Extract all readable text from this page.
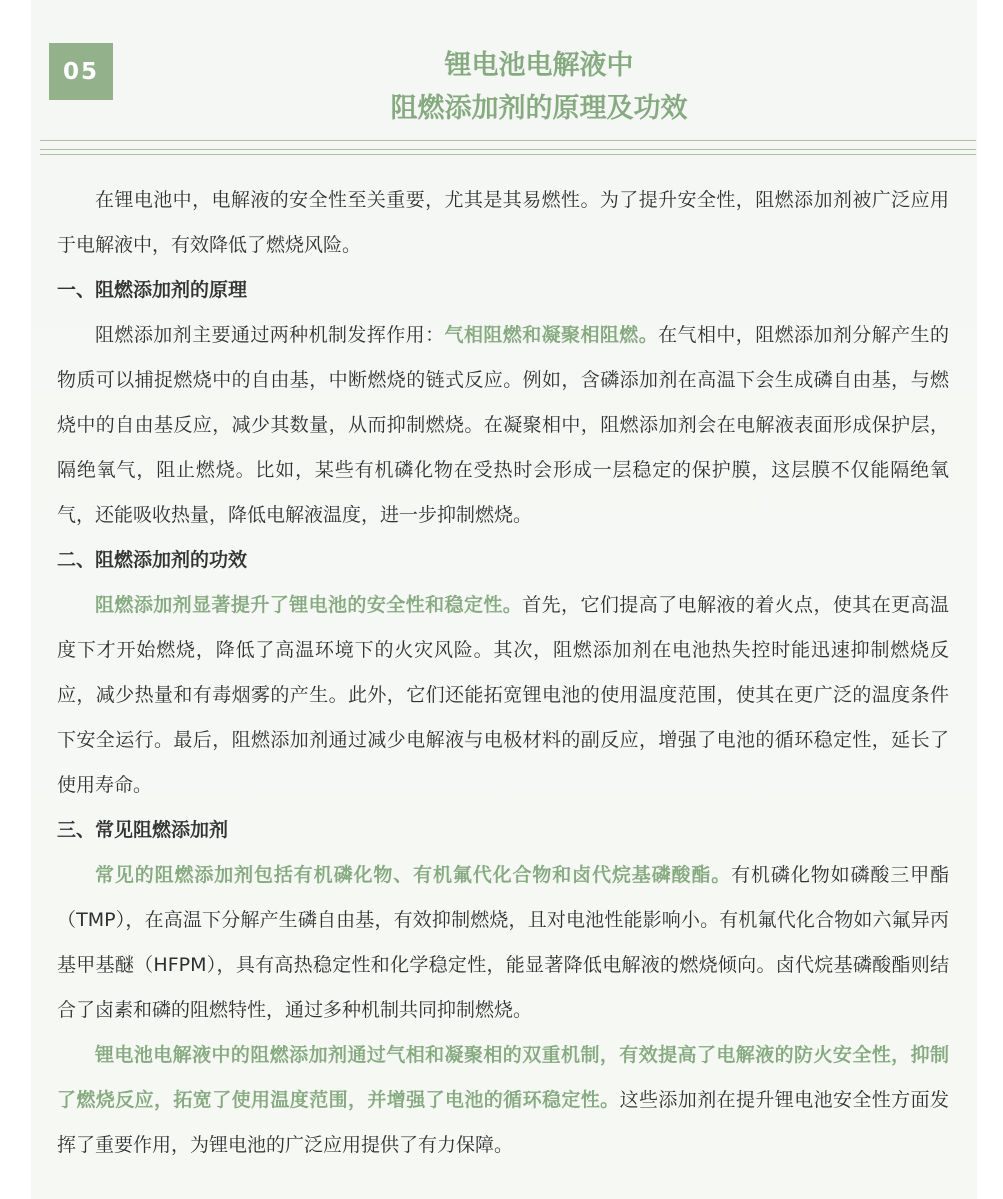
05	锂电池电解液中
阻燃添加剂的原理及功效

在锂电池中，电解液的安全性至关重要，尤其是其易燃性。为了提升安全性，阻燃添加剂被广泛应用于电解液中，有效降低了燃烧风险。

一、阻燃添加剂的原理

阻燃添加剂主要通过两种机制发挥作用：气相阻燃和凝聚相阻燃。在气相中，阻燃添加剂分解产生的物质可以捕捉燃烧中的自由基，中断燃烧的链式反应。例如，含磷添加剂在高温下会生成磷自由基，与燃烧中的自由基反应，减少其数量，从而抑制燃烧。在凝聚相中，阻燃添加剂会在电解液表面形成保护层，隔绝氧气，阻止燃烧。比如，某些有机磷化物在受热时会形成一层稳定的保护膜，这层膜不仅能隔绝氧气，还能吸收热量，降低电解液温度，进一步抑制燃烧。

二、阻燃添加剂的功效

阻燃添加剂显著提升了锂电池的安全性和稳定性。首先，它们提高了电解液的着火点，使其在更高温度下才开始燃烧，降低了高温环境下的火灾风险。其次，阻燃添加剂在电池热失控时能迅速抑制燃烧反应，减少热量和有毒烟雾的产生。此外，它们还能拓宽锂电池的使用温度范围，使其在更广泛的温度条件下安全运行。最后，阻燃添加剂通过减少电解液与电极材料的副反应，增强了电池的循环稳定性，延长了使用寿命。

三、常见阻燃添加剂

常见的阻燃添加剂包括有机磷化物、有机氟代化合物和卤代烷基磷酸酯。有机磷化物如磷酸三甲酯（TMP），在高温下分解产生磷自由基，有效抑制燃烧，且对电池性能影响小。有机氟代化合物如六氟异丙基甲基醚（HFPM），具有高热稳定性和化学稳定性，能显著降低电解液的燃烧倾向。卤代烷基磷酸酯则结合了卤素和磷的阻燃特性，通过多种机制共同抑制燃烧。

锂电池电解液中的阻燃添加剂通过气相和凝聚相的双重机制，有效提高了电解液的防火安全性，抑制了燃烧反应，拓宽了使用温度范围，并增强了电池的循环稳定性。这些添加剂在提升锂电池安全性方面发挥了重要作用，为锂电池的广泛应用提供了有力保障。
